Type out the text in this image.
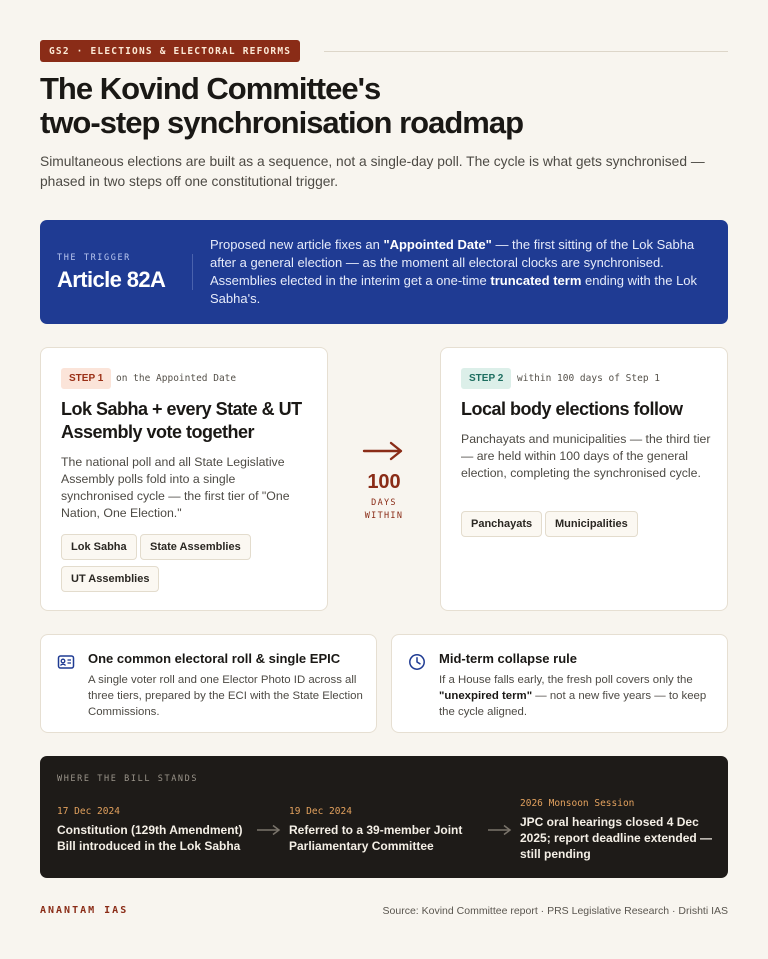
GS2 · ELECTIONS & ELECTORAL REFORMS
The Kovind Committee's
two-step synchronisation roadmap

Simultaneous elections are built as a sequence, not a single-day poll. The cycle is what gets synchronised — phased in two steps off one constitutional trigger.

THE TRIGGER
Article 82A

Proposed new article fixes an "Appointed Date" — the first sitting of the Lok Sabha after a general election — as the moment all electoral clocks are synchronised. Assemblies elected in the interim get a one-time truncated term ending with the Lok Sabha's.

STEP 1	on the Appointed Date
Lok Sabha + every State & UT Assembly vote together

The national poll and all State Legislative Assembly polls fold into a single synchronised cycle — the first tier of "One Nation, One Election."

Lok Sabha	State Assemblies
UT Assemblies
100
DAYS
WITHIN
STEP 2	within 100 days of Step 1
Local body elections follow

Panchayats and municipalities — the third tier — are held within 100 days of the general election, completing the synchronised cycle.

Panchayats	Municipalities
One common electoral roll & single EPIC

A single voter roll and one Elector Photo ID across all three tiers, prepared by the ECI with the State Election Commissions.

Mid-term collapse rule

If a House falls early, the fresh poll covers only the "unexpired term" — not a new five years — to keep the cycle aligned.

WHERE THE BILL STANDS
17 Dec 2024

Constitution (129th Amendment) Bill introduced in the Lok Sabha

19 Dec 2024

Referred to a 39-member Joint Parliamentary Committee

2026 Monsoon Session

JPC oral hearings closed 4 Dec 2025; report deadline extended — still pending

ANANTAM IAS	Source: Kovind Committee report · PRS Legislative Research · Drishti IAS
